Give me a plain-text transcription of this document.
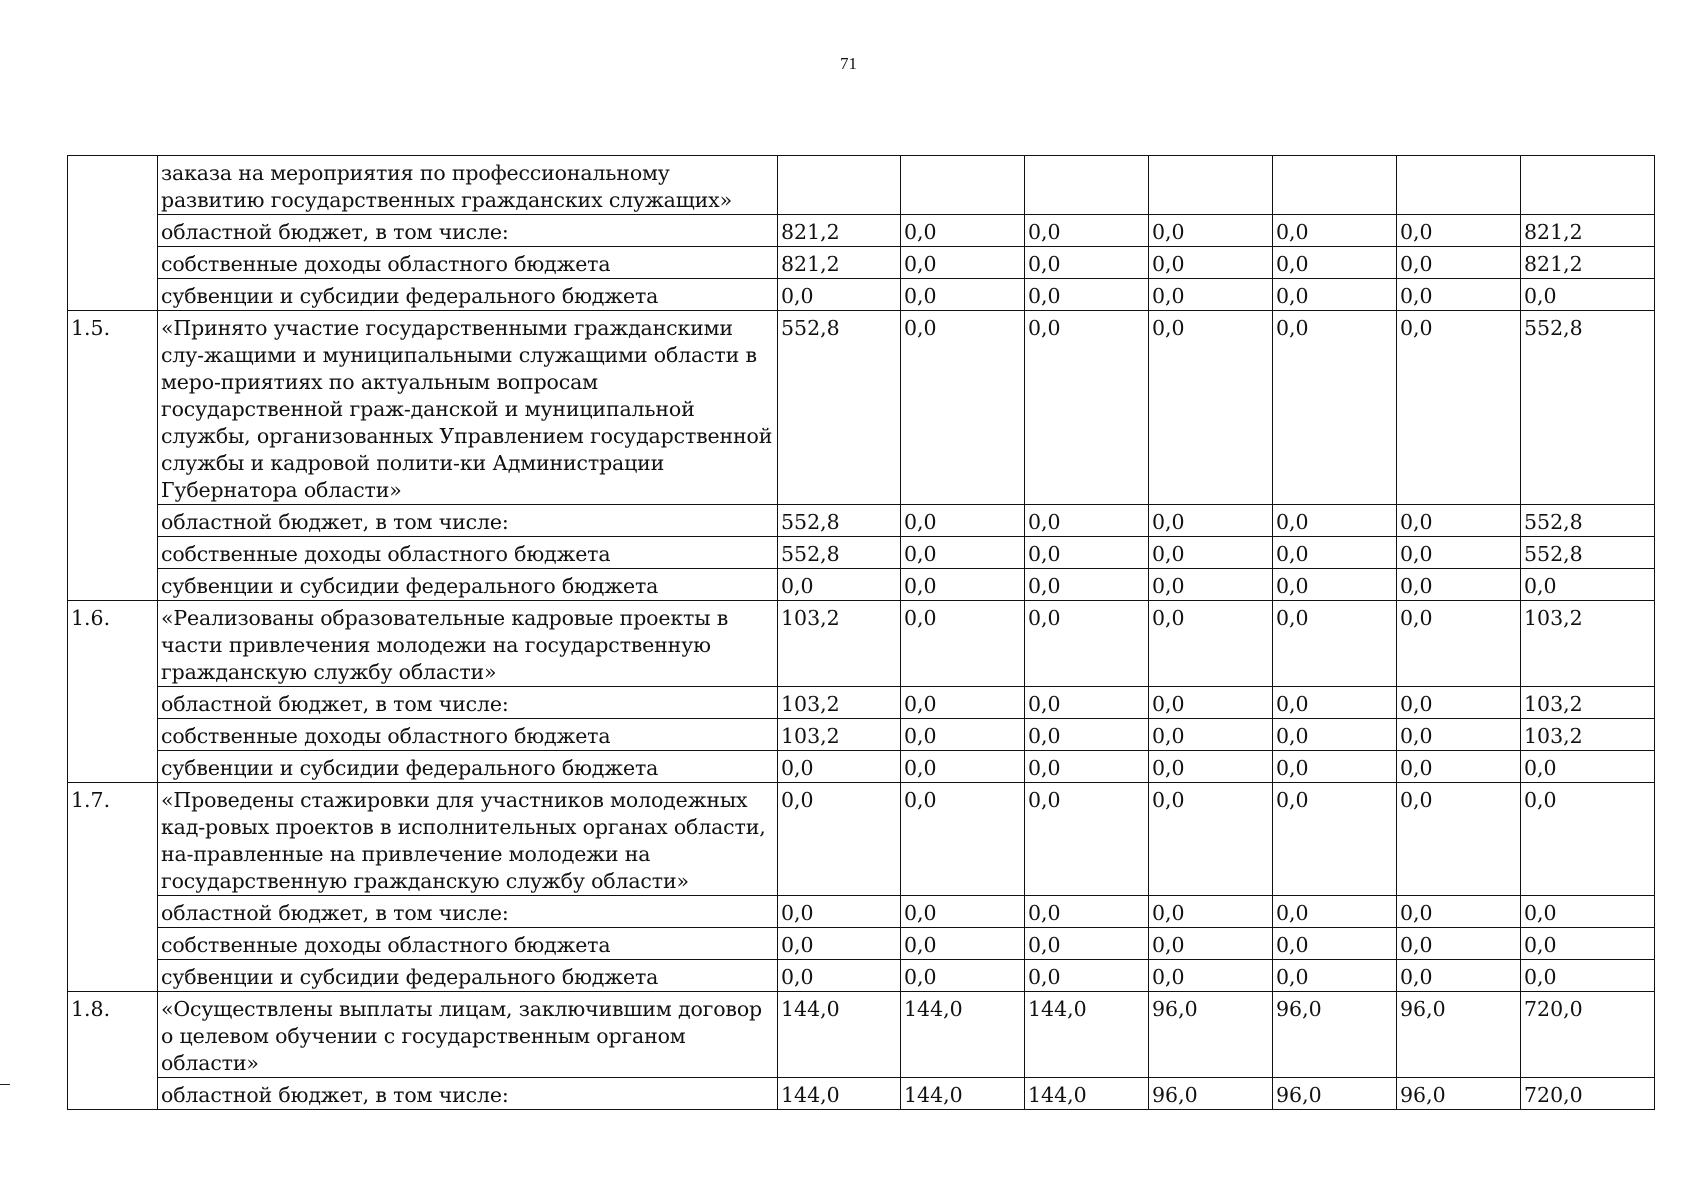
71
	заказа на мероприятия по профессиональному развитию государственных гражданских служащих»							
	областной бюджет, в том числе:	821,2	0,0	0,0	0,0	0,0	0,0	821,2
	собственные доходы областного бюджета	821,2	0,0	0,0	0,0	0,0	0,0	821,2
	субвенции и субсидии федерального бюджета	0,0	0,0	0,0	0,0	0,0	0,0	0,0
1.5.	«Принято участие государственными гражданскими слу-жащими и муниципальными служащими области в меро-приятиях по актуальным вопросам государственной граж-данской и муниципальной службы, организованных Управлением государственной службы и кадровой полити-ки Администрации Губернатора области»	552,8	0,0	0,0	0,0	0,0	0,0	552,8
	областной бюджет, в том числе:	552,8	0,0	0,0	0,0	0,0	0,0	552,8
	собственные доходы областного бюджета	552,8	0,0	0,0	0,0	0,0	0,0	552,8
	субвенции и субсидии федерального бюджета	0,0	0,0	0,0	0,0	0,0	0,0	0,0
1.6.	«Реализованы образовательные кадровые проекты в части привлечения молодежи на государственную гражданскую службу области»	103,2	0,0	0,0	0,0	0,0	0,0	103,2
	областной бюджет, в том числе:	103,2	0,0	0,0	0,0	0,0	0,0	103,2
	собственные доходы областного бюджета	103,2	0,0	0,0	0,0	0,0	0,0	103,2
	субвенции и субсидии федерального бюджета	0,0	0,0	0,0	0,0	0,0	0,0	0,0
1.7.	«Проведены стажировки для участников молодежных кад-ровых проектов в исполнительных органах области, на-правленные на привлечение молодежи на государственную гражданскую службу области»	0,0	0,0	0,0	0,0	0,0	0,0	0,0
	областной бюджет, в том числе:	0,0	0,0	0,0	0,0	0,0	0,0	0,0
	собственные доходы областного бюджета	0,0	0,0	0,0	0,0	0,0	0,0	0,0
	субвенции и субсидии федерального бюджета	0,0	0,0	0,0	0,0	0,0	0,0	0,0
1.8.	«Осуществлены выплаты лицам, заключившим договор о целевом обучении с государственным органом области»	144,0	144,0	144,0	96,0	96,0	96,0	720,0
	областной бюджет, в том числе:	144,0	144,0	144,0	96,0	96,0	96,0	720,0
